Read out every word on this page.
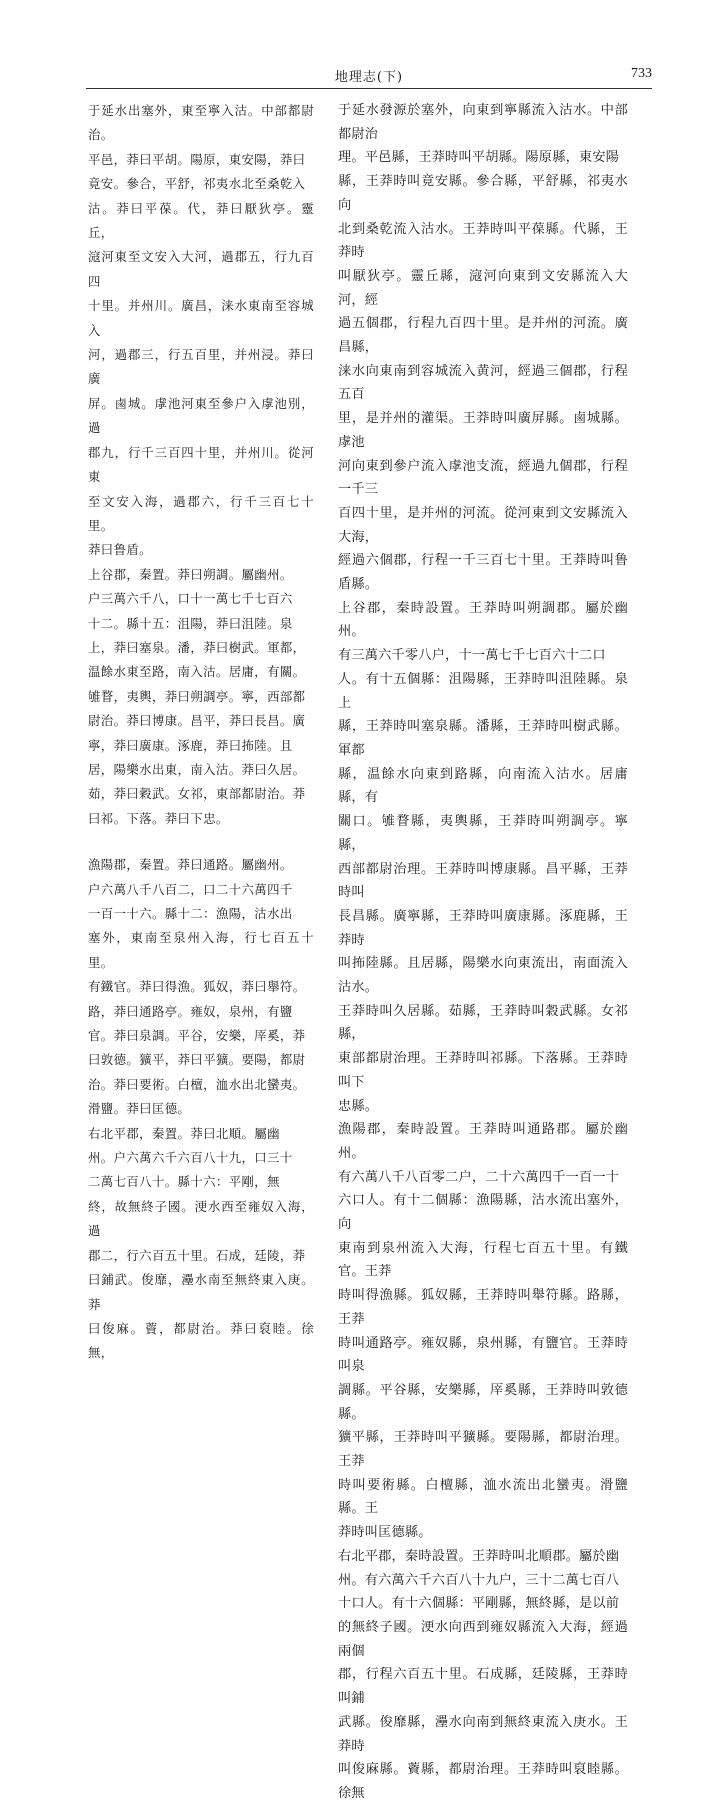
地理志(下)	733

于延水出塞外，東至寧入沽。中部都尉治。
平邑，莽曰平胡。陽原，東安陽，莽曰
竟安。參合，平舒，祁夷水北至桑乾入
沽。莽曰平葆。代，莽曰厭狄亭。靈丘，
滱河東至文安入大河，過郡五，行九百四
十里。并州川。廣昌，涞水東南至容城入
河，過郡三，行五百里，并州浸。莽曰廣
屏。鹵城。虖池河東至參户入虖池別，過
郡九，行千三百四十里，并州川。從河東
至文安入海，過郡六，行千三百七十里。
莽曰鲁盾。

上谷郡，秦置。莽曰朔調。屬幽州。
户三萬六千八，口十一萬七千七百六
十二。縣十五：沮陽，莽曰沮陸。泉
上，莽曰塞泉。潘，莽曰樹武。軍都，
温餘水東至路，南入沽。居庸，有關。
雊瞀，夷輿，莽曰朔調亭。寧，西部都
尉治。莽曰博康。昌平，莽曰長昌。廣
寧，莽曰廣康。涿鹿，莽曰抪陸。且
居，陽樂水出東，南入沽。莽曰久居。
茹，莽曰穀武。女祁，東部都尉治。莽
曰祁。下落。莽曰下忠。

漁陽郡，秦置。莽曰通路。屬幽州。
户六萬八千八百二，口二十六萬四千
一百一十六。縣十二：漁陽，沽水出
塞外，東南至泉州入海，行七百五十里。
有鐵官。莽曰得漁。狐奴，莽曰舉符。
路，莽曰通路亭。雍奴，泉州，有鹽
官。莽曰泉調。平谷，安樂，厗奚，莽
曰敦德。獷平，莽曰平獷。要陽，都尉
治。莽曰要術。白檀，洫水出北蠻夷。
滑鹽。莽曰匡德。

右北平郡，秦置。莽曰北順。屬幽
州。户六萬六千六百八十九，口三十
二萬七百八十。縣十六：平剛，無
終，故無終子國。浭水西至雍奴入海，過
郡二，行六百五十里。石成，廷陵，莽
曰鋪武。俊靡，灅水南至無終東入庚。莽
曰俊麻。薋，都尉治。莽曰裒睦。徐無，

于延水發源於塞外，向東到寧縣流入沽水。中部都尉治
理。平邑縣，王莽時叫平胡縣。陽原縣，東安陽
縣，王莽時叫竟安縣。參合縣，平舒縣，祁夷水向
北到桑乾流入沽水。王莽時叫平葆縣。代縣，王莽時
叫厭狄亭。靈丘縣，滱河向東到文安縣流入大河，經
過五個郡，行程九百四十里。是并州的河流。廣昌縣，
涞水向東南到容城流入黄河，經過三個郡，行程五百
里，是并州的灌渠。王莽時叫廣屏縣。鹵城縣。虖池
河向東到參户流入虖池支流，經過九個郡，行程一千三
百四十里，是并州的河流。從河東到文安縣流入大海，
經過六個郡，行程一千三百七十里。王莽時叫鲁盾縣。

上谷郡，秦時設置。王莽時叫朔調郡。屬於幽州。
有三萬六千零八户，十一萬七千七百六十二口
人。有十五個縣：沮陽縣，王莽時叫沮陸縣。泉上
縣，王莽時叫塞泉縣。潘縣，王莽時叫樹武縣。軍都
縣，温餘水向東到路縣，向南流入沽水。居庸縣，有
關口。雊瞀縣，夷輿縣，王莽時叫朔調亭。寧縣，
西部都尉治理。王莽時叫博康縣。昌平縣，王莽時叫
長昌縣。廣寧縣，王莽時叫廣康縣。涿鹿縣，王莽時
叫抪陸縣。且居縣，陽樂水向東流出，南面流入沽水。
王莽時叫久居縣。茹縣，王莽時叫穀武縣。女祁縣，
東部都尉治理。王莽時叫祁縣。下落縣。王莽時叫下
忠縣。

漁陽郡，秦時設置。王莽時叫通路郡。屬於幽州。
有六萬八千八百零二户，二十六萬四千一百一十
六口人。有十二個縣：漁陽縣，沽水流出塞外，向
東南到泉州流入大海，行程七百五十里。有鐵官。王莽
時叫得漁縣。狐奴縣，王莽時叫舉符縣。路縣，王莽
時叫通路亭。雍奴縣，泉州縣，有鹽官。王莽時叫泉
調縣。平谷縣，安樂縣，厗奚縣，王莽時叫敦德縣。
獷平縣，王莽時叫平獷縣。要陽縣，都尉治理。王莽
時叫要術縣。白檀縣，洫水流出北蠻夷。滑鹽縣。王
莽時叫匡德縣。

右北平郡，秦時設置。王莽時叫北順郡。屬於幽
州。有六萬六千六百八十九户，三十二萬七百八
十口人。有十六個縣：平剛縣，無終縣，是以前
的無終子國。浭水向西到雍奴縣流入大海，經過兩個
郡，行程六百五十里。石成縣，廷陵縣，王莽時叫鋪
武縣。俊靡縣，灅水向南到無終東流入庚水。王莽時
叫俊麻縣。薋縣，都尉治理。王莽時叫裒睦縣。徐無
